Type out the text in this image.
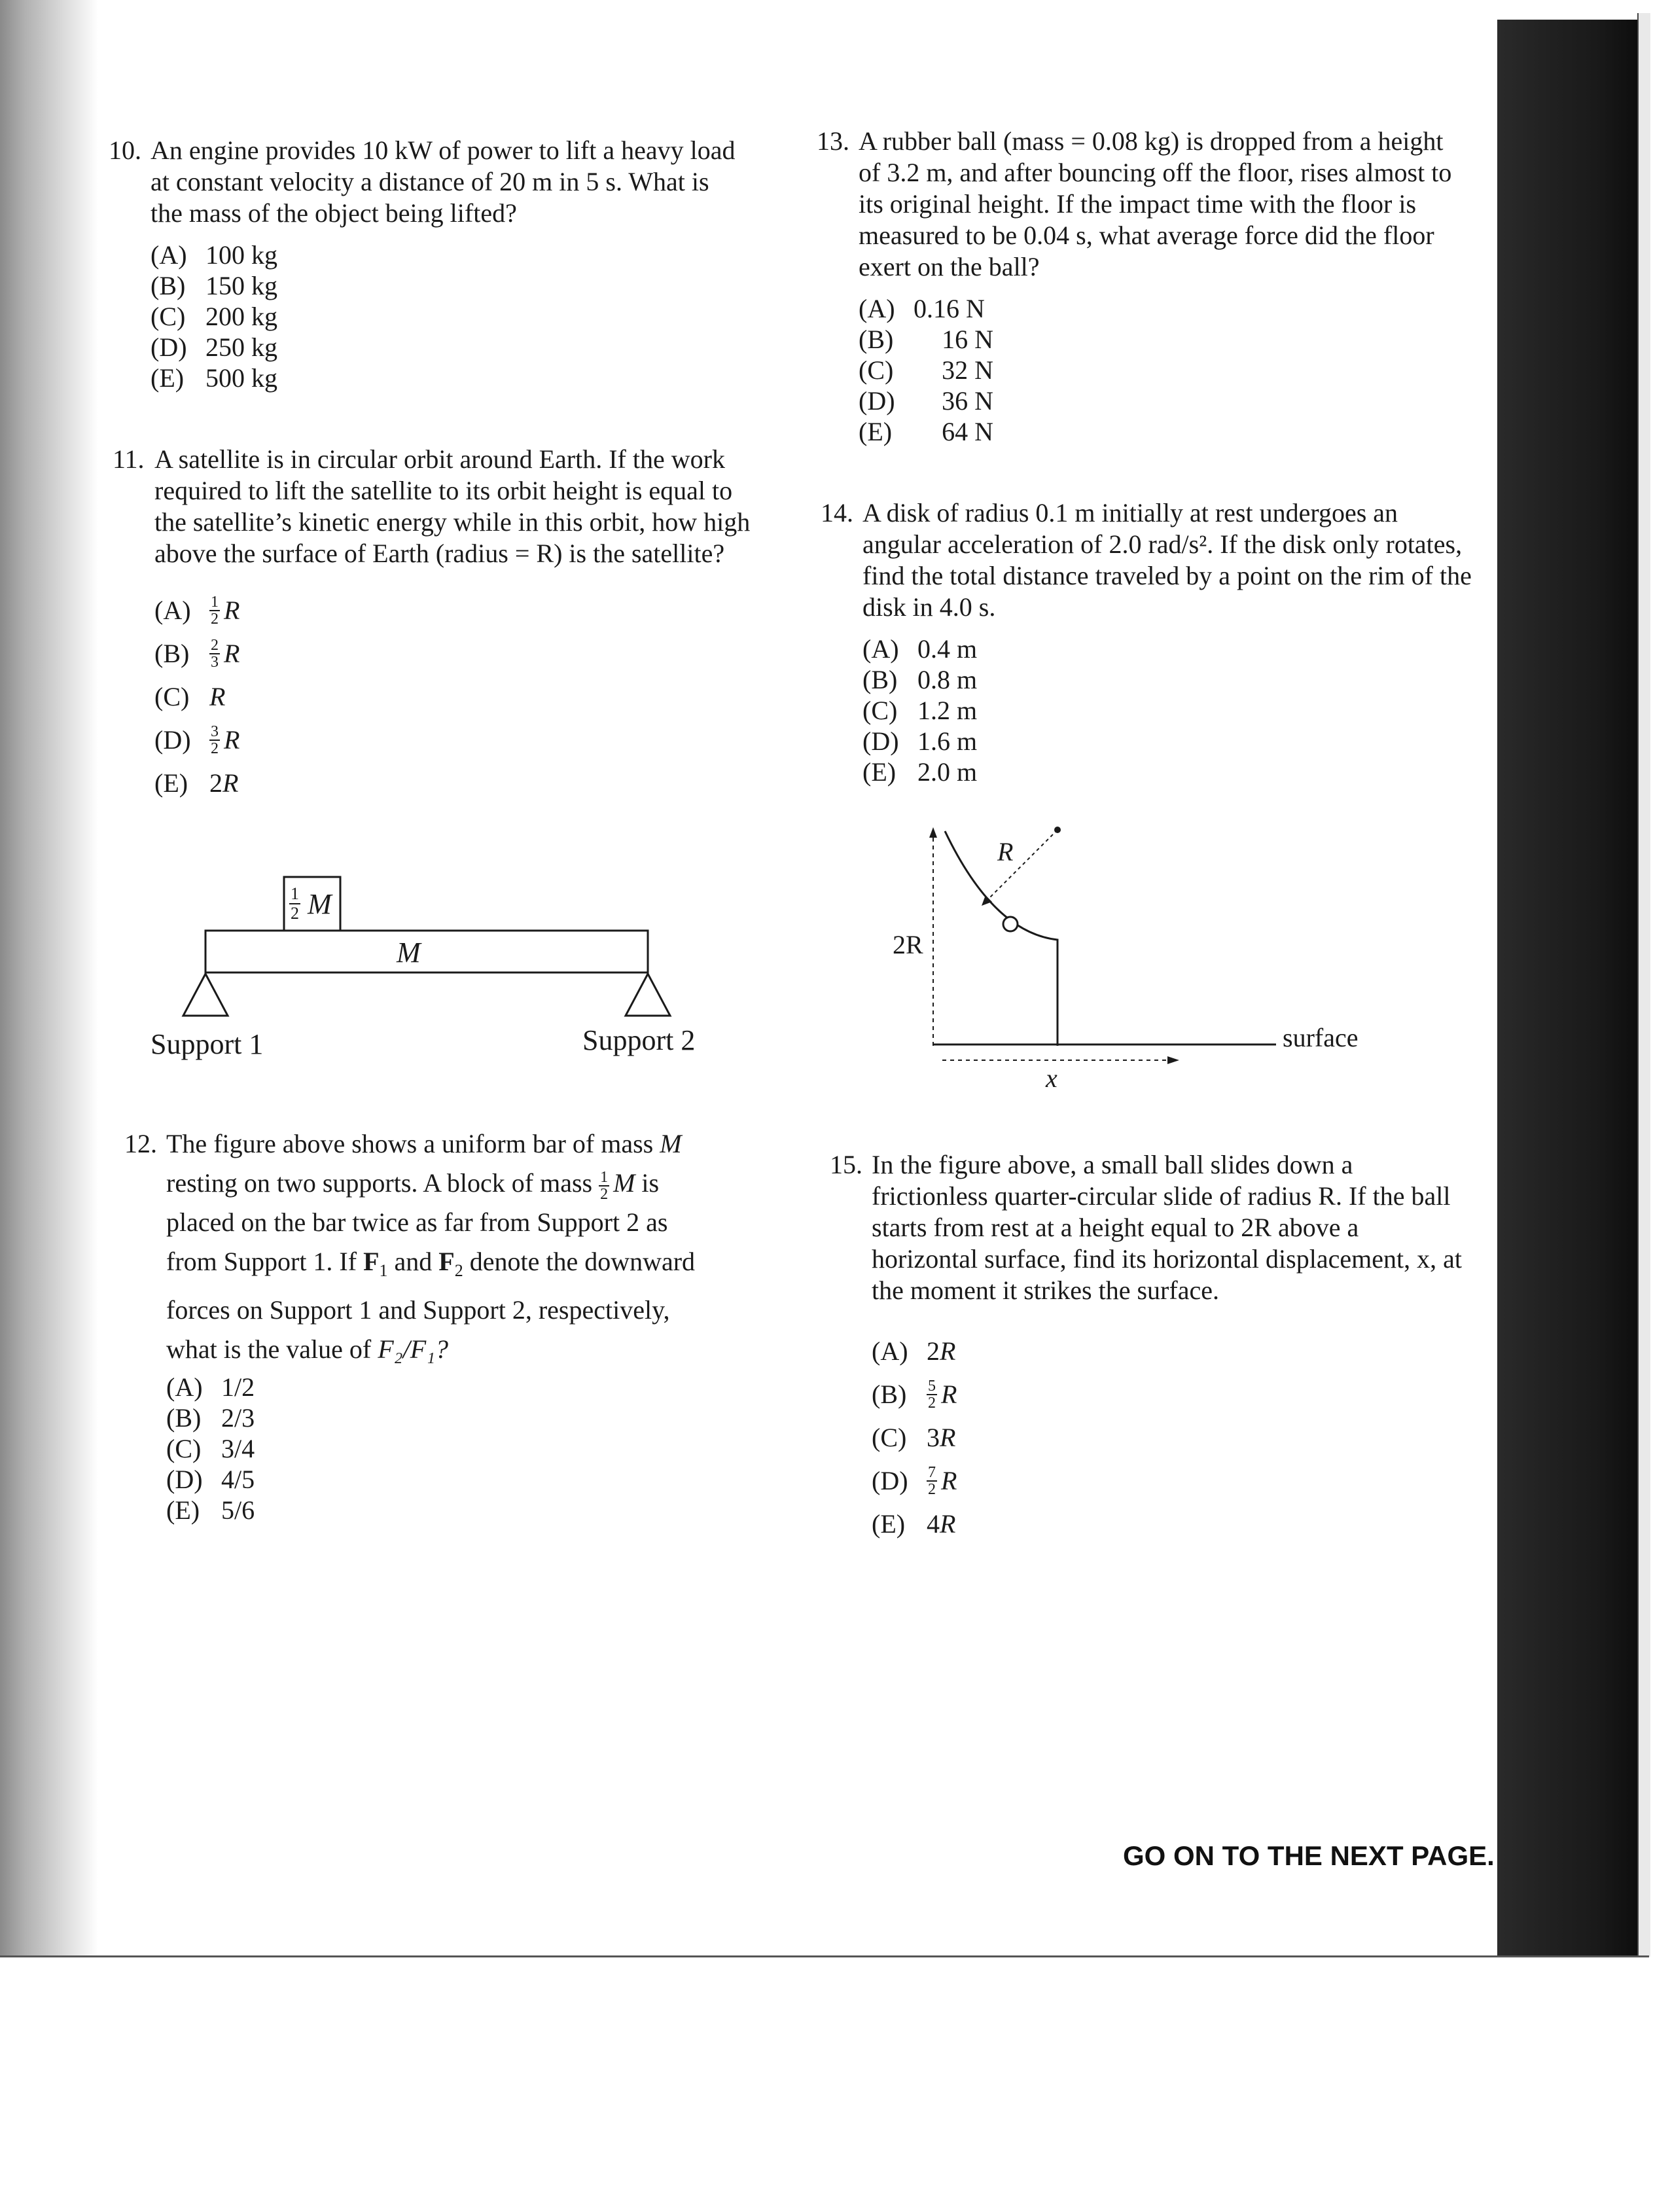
10. An engine provides 10 kW of power to lift a heavy load at constant velocity a distance of 20 m in 5 s. What is the mass of the object being lifted?
(A) 100 kg
(B) 150 kg
(C) 200 kg
(D) 250 kg
(E) 500 kg
11. A satellite is in circular orbit around Earth. If the work required to lift the satellite to its orbit height is equal to the satellite’s kinetic energy while in this orbit, how high above the surface of Earth (radius = R) is the satellite?
(A)	$\frac{1}{2}$ R
(B)	$\frac{2}{3}$ R
(C) R
(D)	$\frac{3}{2}$ R
(E) 2 R
$\frac{1}{2}$ M
M
Support 1	Support 2
12. The figure above shows a uniform bar of mass M
resting on two supports. A block of mass $\frac{1}{2}$ M is
placed on the bar twice as far from Support 2 as
from Support 1. If $F_1$ and $F_2$ denote the downward
forces on Support 1 and Support 2, respectively,
what is the value of F₂/F₁?
(A) 1/2
(B) 2/3
(C) 3/4
(D) 4/5
(E) 5/6
13. A rubber ball (mass = 0.08 kg) is dropped from a height of 3.2 m, and after bouncing off the floor, rises almost to its original height. If the impact time with the floor is measured to be 0.04 s, what average force did the floor exert on the ball?
(A) 0.16 N
(B)	16 N
(C)	32 N
(D)	36 N
(E)	64 N
14. A disk of radius 0.1 m initially at rest undergoes an angular acceleration of 2.0 rad/s². If the disk only rotates, find the total distance traveled by a point on the rim of the disk in 4.0 s.
(A) 0.4 m
(B) 0.8 m
(C) 1.2 m
(D) 1.6 m
(E) 2.0 m
R
2R
surface
x
15. In the figure above, a small ball slides down a frictionless quarter-circular slide of radius R. If the ball starts from rest at a height equal to 2R above a horizontal surface, find its horizontal displacement, x, at the moment it strikes the surface.
(A) 2 R
(B)	$\frac{5}{2}$ R
(C) 3 R
(D)	$\frac{7}{2}$ R
(E) 4 R
GO ON TO THE NEXT PAGE.
